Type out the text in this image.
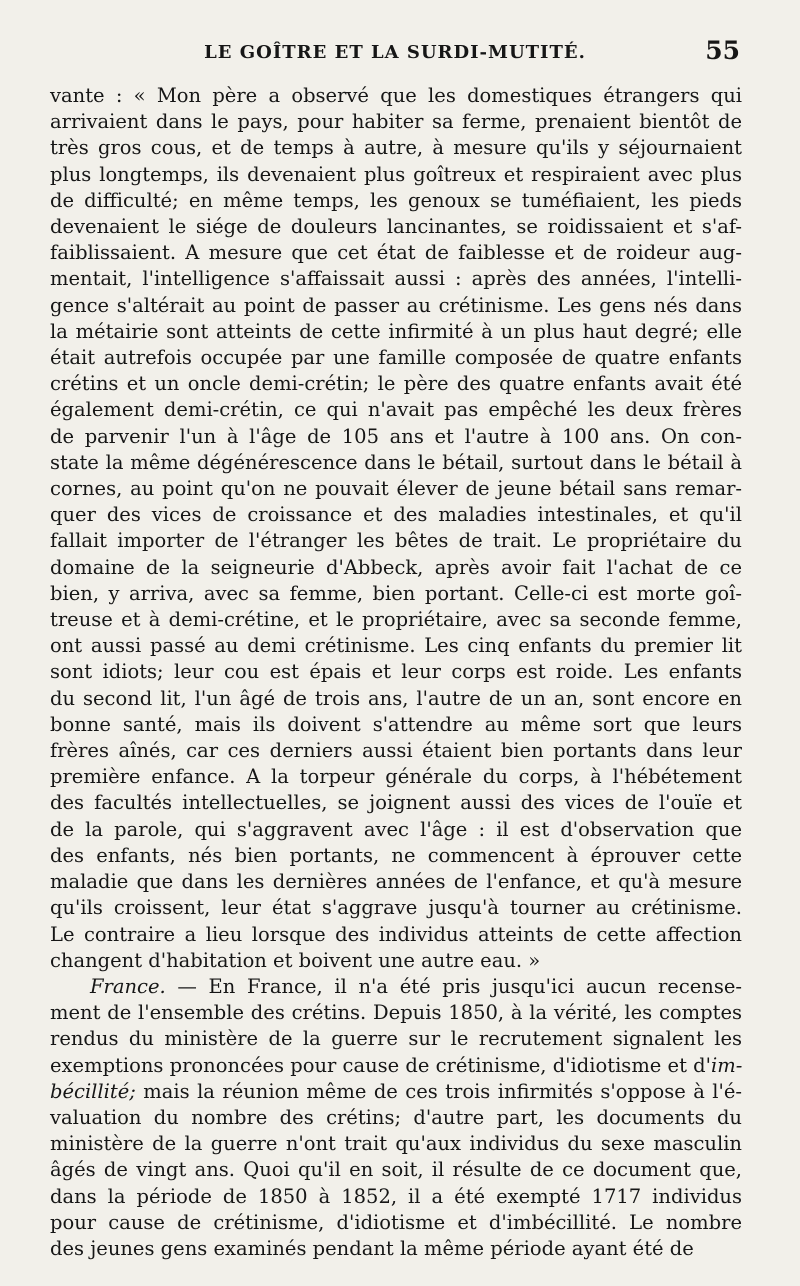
LE GOÎTRE ET LA SURDI-MUTITÉ.	55
vante : « Mon père a observé que les domestiques étrangers qui
arrivaient dans le pays, pour habiter sa ferme, prenaient bientôt de
très gros cous, et de temps à autre, à mesure qu'ils y séjournaient
plus longtemps, ils devenaient plus goîtreux et respiraient avec plus
de difficulté; en même temps, les genoux se tuméfiaient, les pieds
devenaient le siége de douleurs lancinantes, se roidissaient et s'af-
faiblissaient. A mesure que cet état de faiblesse et de roideur aug-
mentait, l'intelligence s'affaissait aussi : après des années, l'intelli-
gence s'altérait au point de passer au crétinisme. Les gens nés dans
la métairie sont atteints de cette infirmité à un plus haut degré; elle
était autrefois occupée par une famille composée de quatre enfants
crétins et un oncle demi-crétin; le père des quatre enfants avait été
également demi-crétin, ce qui n'avait pas empêché les deux frères
de parvenir l'un à l'âge de 105 ans et l'autre à 100 ans. On con-
state la même dégénérescence dans le bétail, surtout dans le bétail à
cornes, au point qu'on ne pouvait élever de jeune bétail sans remar-
quer des vices de croissance et des maladies intestinales, et qu'il
fallait importer de l'étranger les bêtes de trait. Le propriétaire du
domaine de la seigneurie d'Abbeck, après avoir fait l'achat de ce
bien, y arriva, avec sa femme, bien portant. Celle-ci est morte goî-
treuse et à demi-crétine, et le propriétaire, avec sa seconde femme,
ont aussi passé au demi crétinisme. Les cinq enfants du premier lit
sont idiots; leur cou est épais et leur corps est roide. Les enfants
du second lit, l'un âgé de trois ans, l'autre de un an, sont encore en
bonne santé, mais ils doivent s'attendre au même sort que leurs
frères aînés, car ces derniers aussi étaient bien portants dans leur
première enfance. A la torpeur générale du corps, à l'hébétement
des facultés intellectuelles, se joignent aussi des vices de l'ouïe et
de la parole, qui s'aggravent avec l'âge : il est d'observation que
des enfants, nés bien portants, ne commencent à éprouver cette
maladie que dans les dernières années de l'enfance, et qu'à mesure
qu'ils croissent, leur état s'aggrave jusqu'à tourner au crétinisme.
Le contraire a lieu lorsque des individus atteints de cette affection
changent d'habitation et boivent une autre eau. »
France. — En France, il n'a été pris jusqu'ici aucun recense-
ment de l'ensemble des crétins. Depuis 1850, à la vérité, les comptes
rendus du ministère de la guerre sur le recrutement signalent les
exemptions prononcées pour cause de crétinisme, d'idiotisme et d'im-
bécillité; mais la réunion même de ces trois infirmités s'oppose à l'é-
valuation du nombre des crétins; d'autre part, les documents du
ministère de la guerre n'ont trait qu'aux individus du sexe masculin
âgés de vingt ans. Quoi qu'il en soit, il résulte de ce document que,
dans la période de 1850 à 1852, il a été exempté 1717 individus
pour cause de crétinisme, d'idiotisme et d'imbécillité. Le nombre
des jeunes gens examinés pendant la même période ayant été de
